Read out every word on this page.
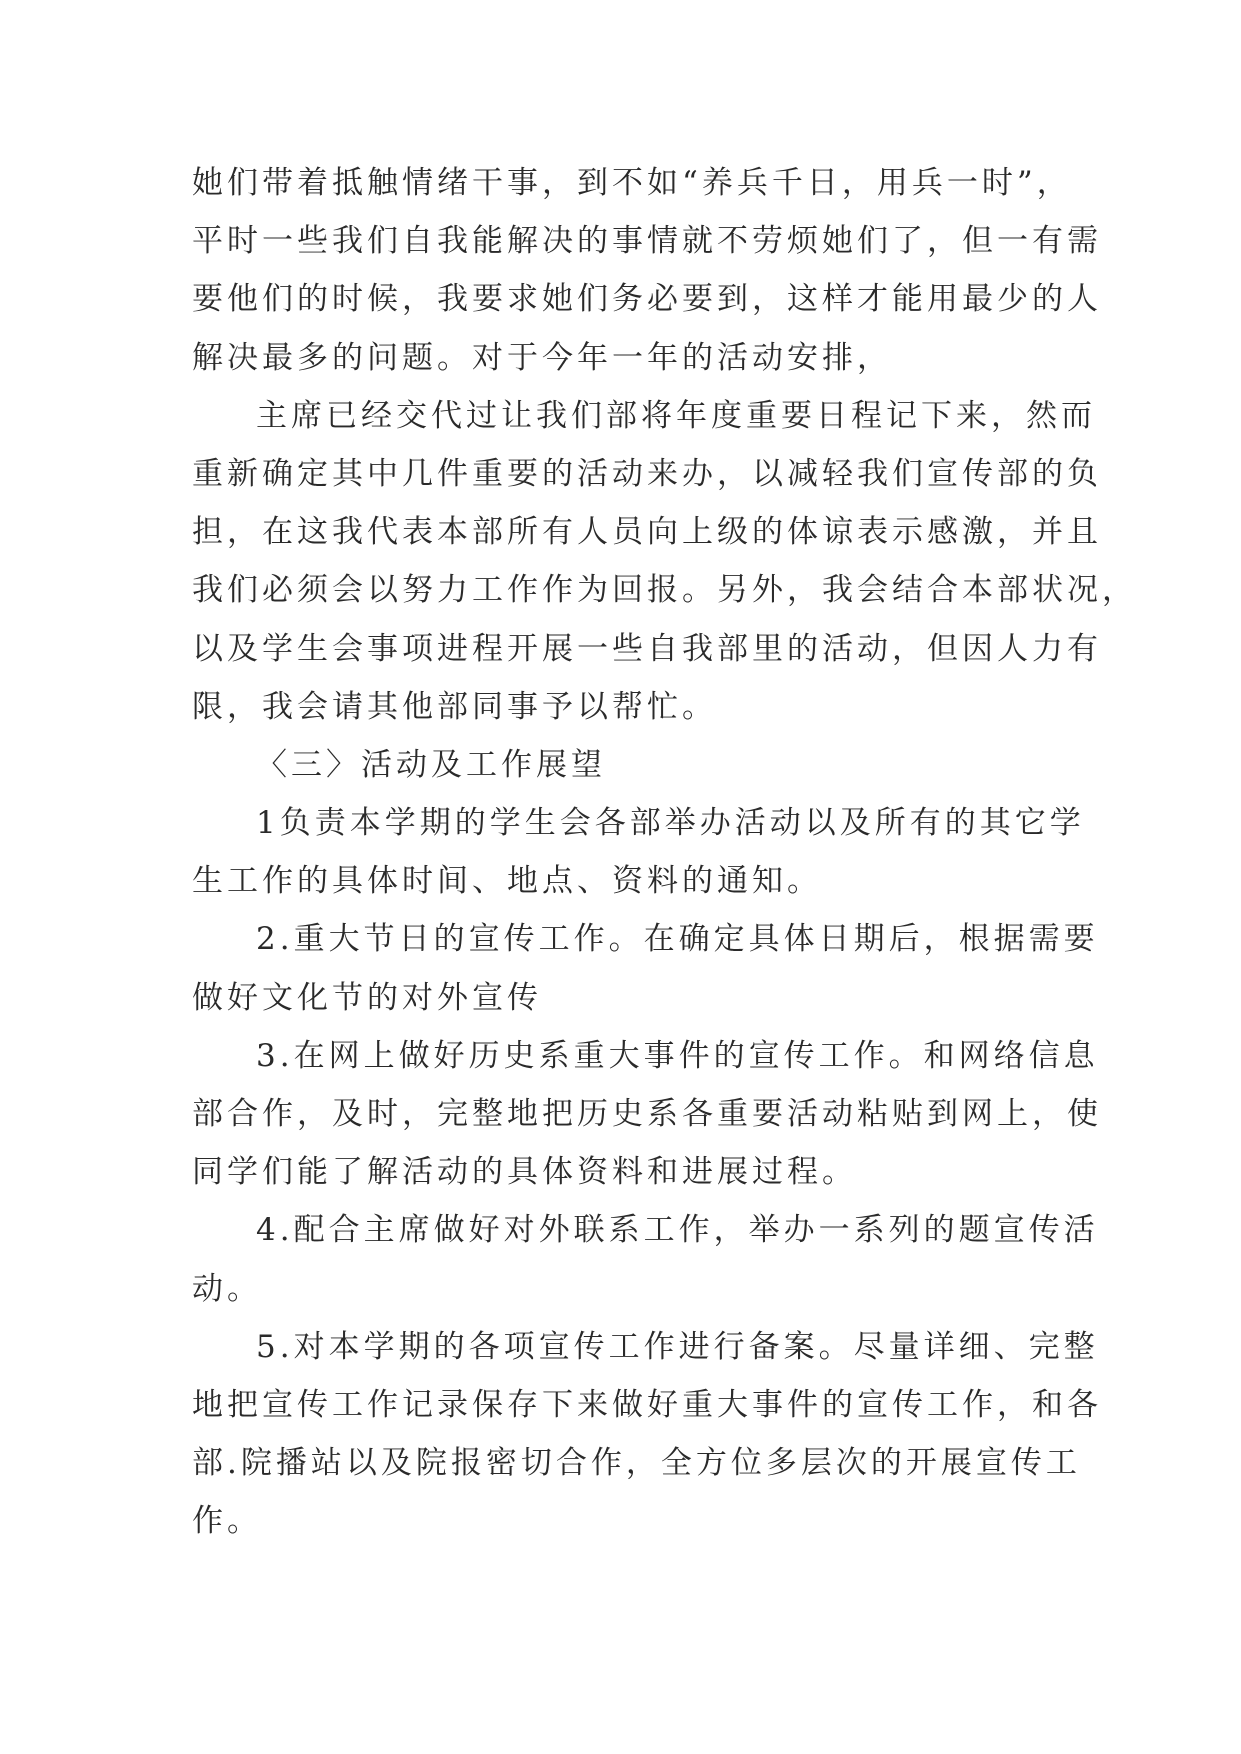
她们带着抵触情绪干事，到不如“养兵千日，用兵一时”，
平时一些我们自我能解决的事情就不劳烦她们了，但一有需
要他们的时候，我要求她们务必要到，这样才能用最少的人
解决最多的问题。对于今年一年的活动安排，
主席已经交代过让我们部将年度重要日程记下来，然而
重新确定其中几件重要的活动来办，以减轻我们宣传部的负
担，在这我代表本部所有人员向上级的体谅表示感激，并且
我们必须会以努力工作作为回报。另外，我会结合本部状况，
以及学生会事项进程开展一些自我部里的活动，但因人力有
限，我会请其他部同事予以帮忙。
〈三〉活动及工作展望
1负责本学期的学生会各部举办活动以及所有的其它学
生工作的具体时间、地点、资料的通知。
2.重大节日的宣传工作。在确定具体日期后，根据需要
做好文化节的对外宣传
3.在网上做好历史系重大事件的宣传工作。和网络信息
部合作，及时，完整地把历史系各重要活动粘贴到网上，使
同学们能了解活动的具体资料和进展过程。
4.配合主席做好对外联系工作，举办一系列的题宣传活
动。
5.对本学期的各项宣传工作进行备案。尽量详细、完整
地把宣传工作记录保存下来做好重大事件的宣传工作，和各
部.院播站以及院报密切合作，全方位多层次的开展宣传工
作。
